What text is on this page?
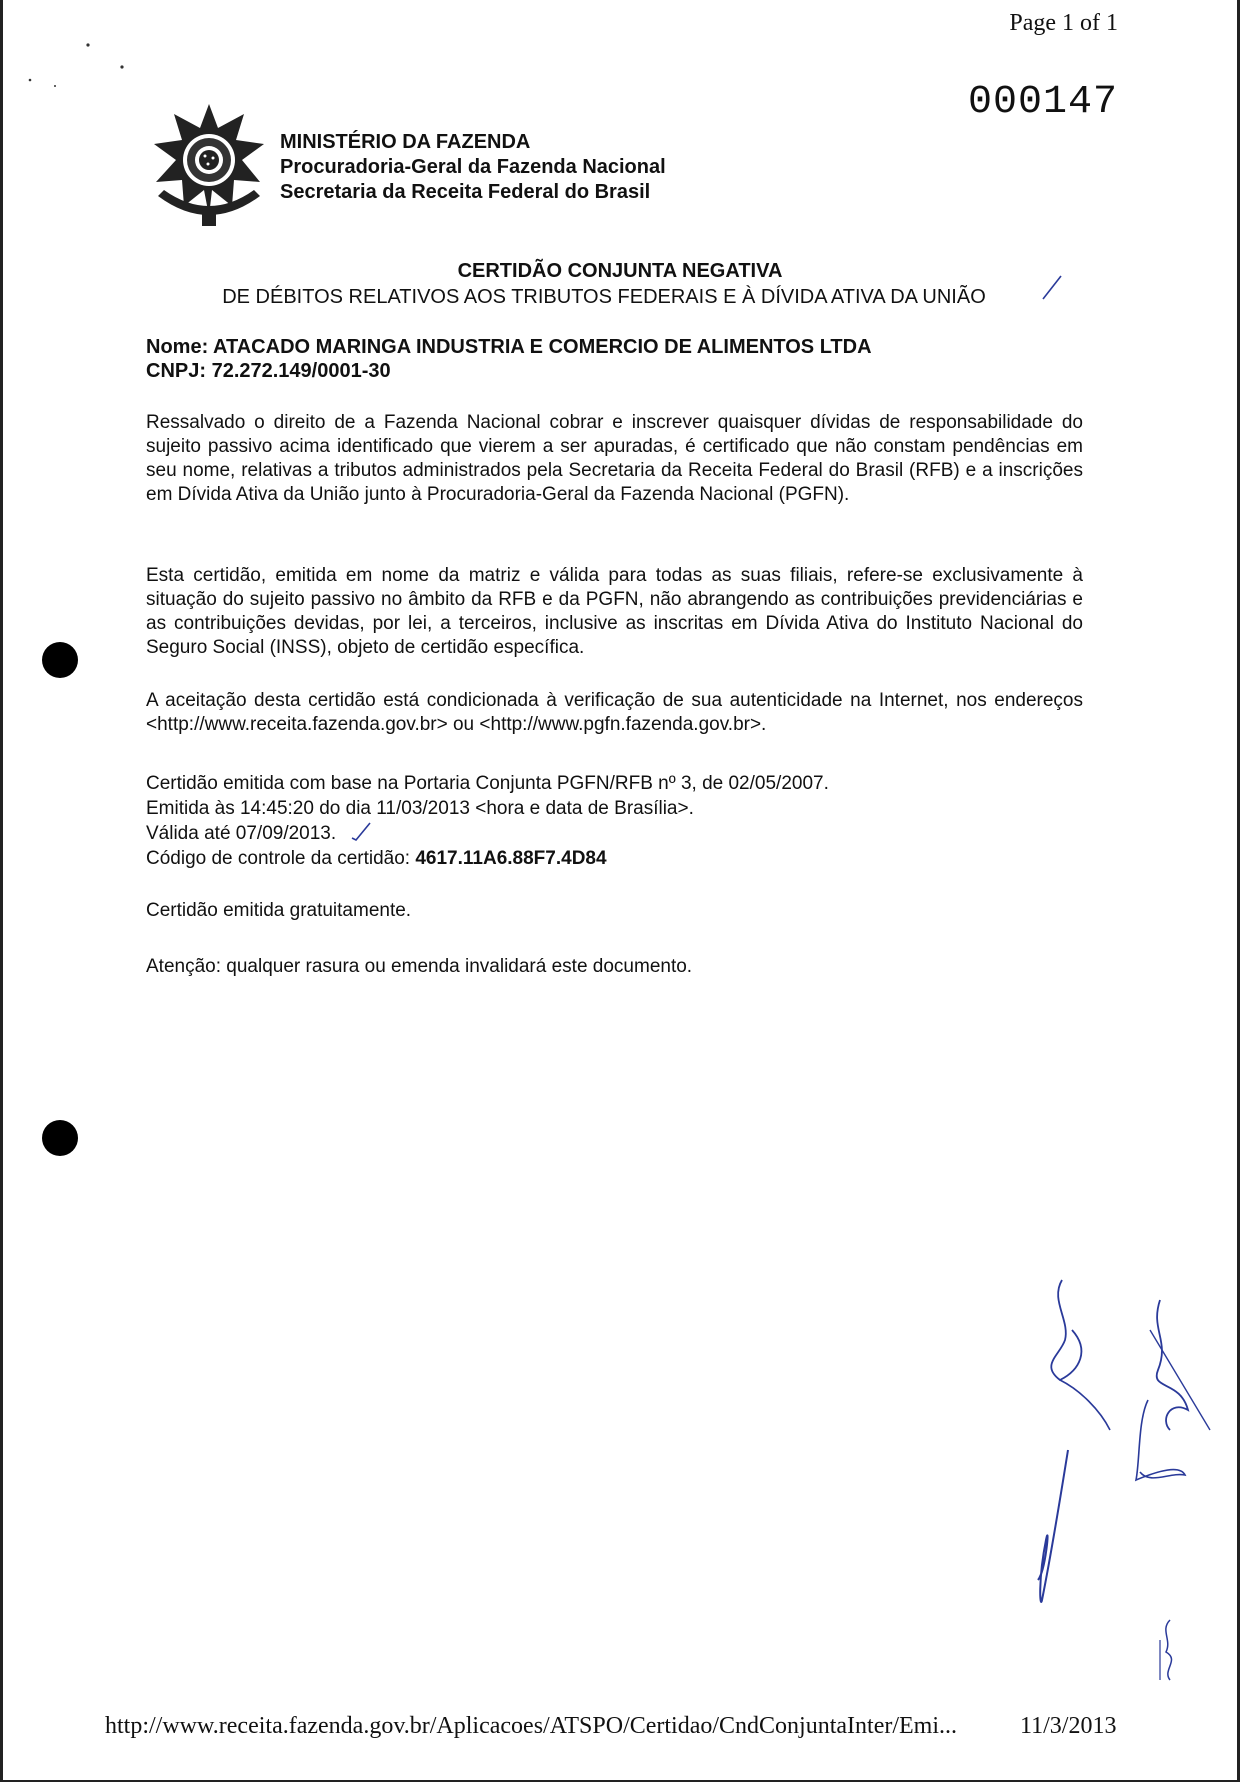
Page 1 of 1
000147
MINISTÉRIO DA FAZENDA
Procuradoria-Geral da Fazenda Nacional
Secretaria da Receita Federal do Brasil
CERTIDÃO CONJUNTA NEGATIVA
DE DÉBITOS RELATIVOS AOS TRIBUTOS FEDERAIS E À DÍVIDA ATIVA DA UNIÃO
Nome: ATACADO MARINGA INDUSTRIA E COMERCIO DE ALIMENTOS LTDA
CNPJ: 72.272.149/0001-30
Ressalvado o direito de a Fazenda Nacional cobrar e inscrever quaisquer dívidas de responsabilidade do sujeito passivo acima identificado que vierem a ser apuradas, é certificado que não constam pendências em seu nome, relativas a tributos administrados pela Secretaria da Receita Federal do Brasil (RFB) e a inscrições em Dívida Ativa da União junto à Procuradoria-Geral da Fazenda Nacional (PGFN).
Esta certidão, emitida em nome da matriz e válida para todas as suas filiais, refere-se exclusivamente à situação do sujeito passivo no âmbito da RFB e da PGFN, não abrangendo as contribuições previdenciárias e as contribuições devidas, por lei, a terceiros, inclusive as inscritas em Dívida Ativa do Instituto Nacional do Seguro Social (INSS), objeto de certidão específica.
A aceitação desta certidão está condicionada à verificação de sua autenticidade na Internet, nos endereços <http://www.receita.fazenda.gov.br> ou <http://www.pgfn.fazenda.gov.br>.
Certidão emitida com base na Portaria Conjunta PGFN/RFB nº 3, de 02/05/2007.
Emitida às 14:45:20 do dia 11/03/2013 <hora e data de Brasília>.
Válida até 07/09/2013.
Código de controle da certidão: 4617.11A6.88F7.4D84
Certidão emitida gratuitamente.
Atenção: qualquer rasura ou emenda invalidará este documento.
http://www.receita.fazenda.gov.br/Aplicacoes/ATSPO/Certidao/CndConjuntaInter/Emi...	11/3/2013
